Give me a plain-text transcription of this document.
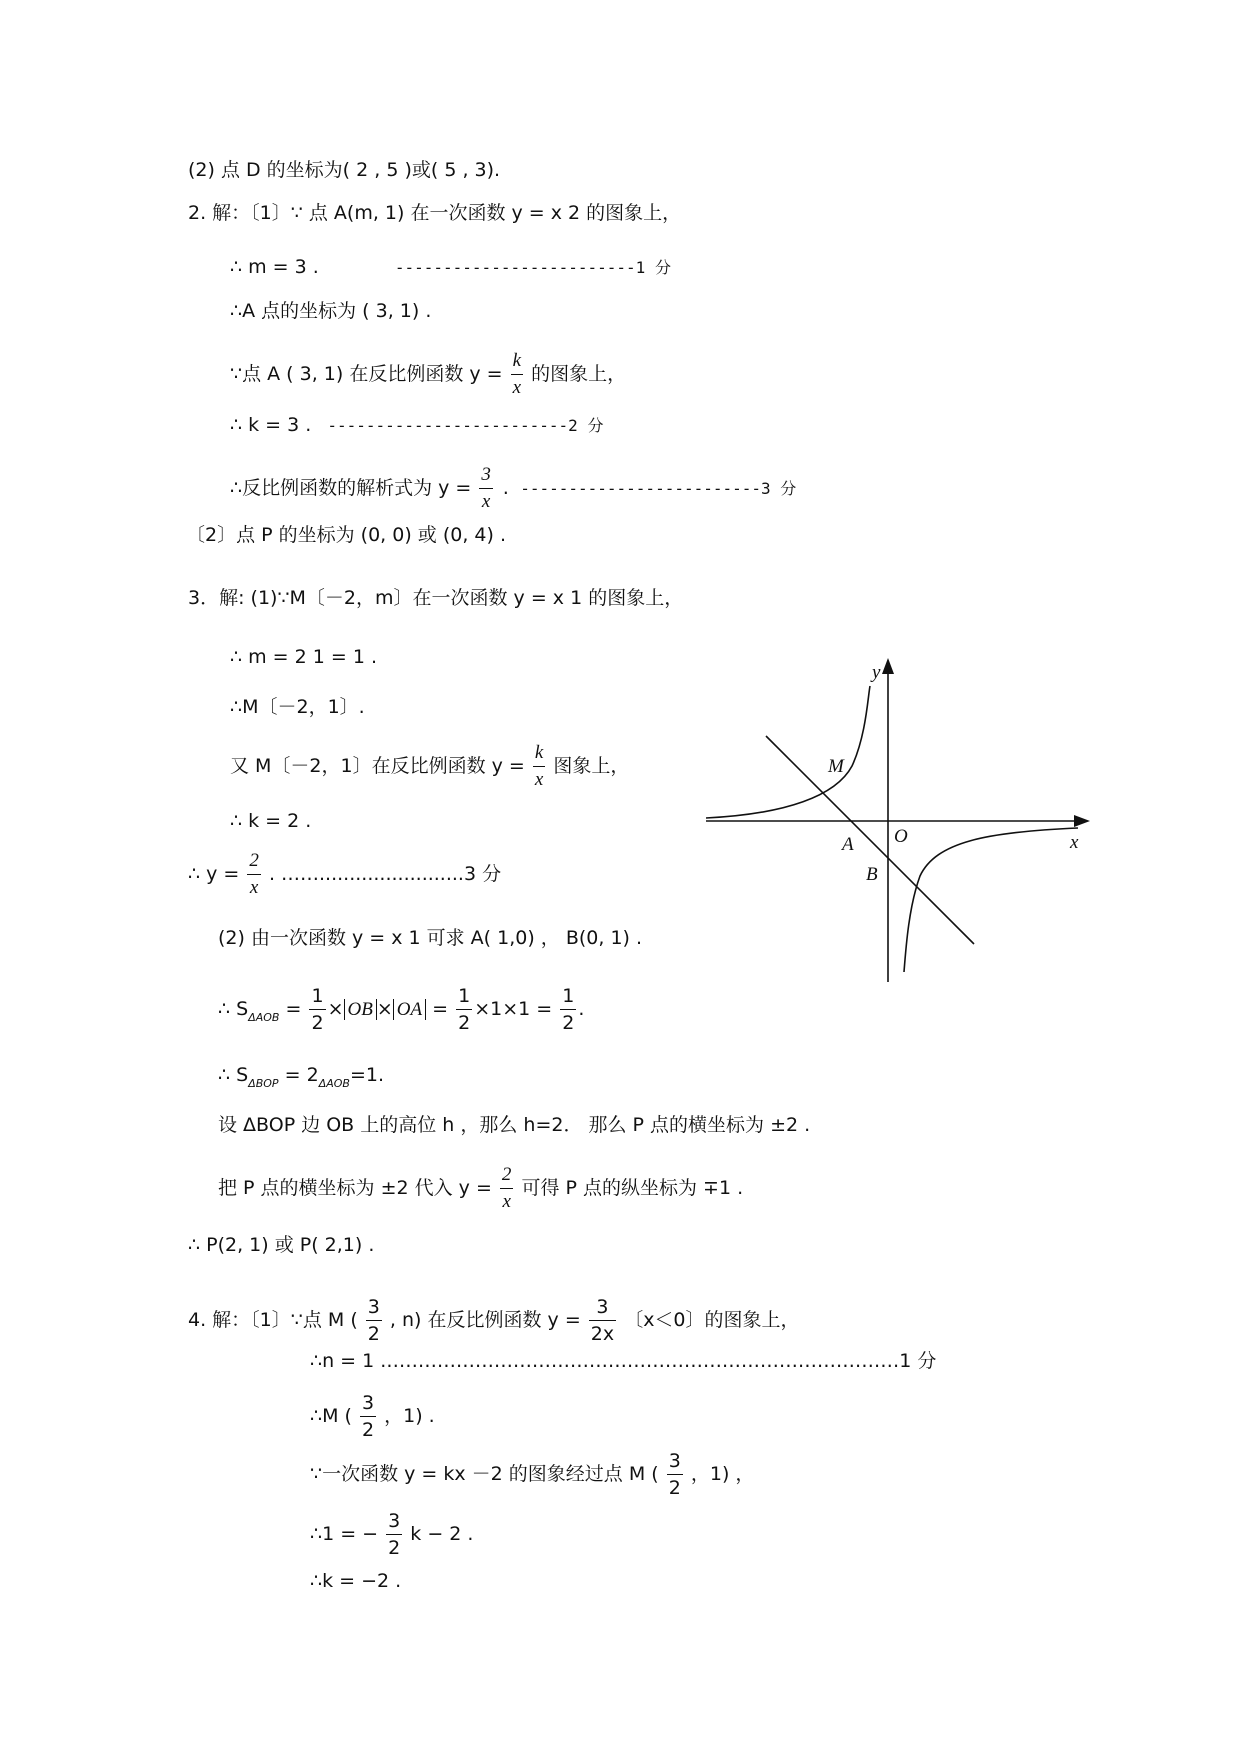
(2) 点 D 的坐标为( 2 , 5 )或( 5 , 3).
2. 解：〔1〕∵ 点 A(m, 1) 在一次函数 y = x 2 的图象上，
∴ m = 3 .	-------------------------1 分
∴A 点的坐标为 ( 3, 1) .
∵点 A ( 3, 1) 在反比例函数 $y = \frac{k}{x}$ 的图象上，
∴ k = 3 . -------------------------2 分
∴反比例函数的解析式为 $y = \frac{3}{x}$ . -------------------------3 分
〔2〕点 P 的坐标为 (0, 0) 或 (0, 4) .
3．解: (1)∵M〔－2，m〕在一次函数 y = x 1 的图象上，
∴ m = 2 1 = 1 .
∴M〔－2，1〕.
又 M〔－2，1〕在反比例函数 $y = \frac{k}{x}$ 图象上，
∴ k = 2 .
∴ $y = \frac{2}{x}$ . ……........................3 分
(2) 由一次函数 y = x 1 可求 A( 1,0) ， B(0, 1) .
∴ $S_{\Delta AOB} = \frac{1}{2}$ × OB × OA = $\frac{1}{2} \times 1\times 1 = \frac{1}{2}$ .
∴ $S_{\Delta BOP} = 2_{\Delta AOB}=1$.
设 ΔBOP 边 OB 上的高位 h ，那么 h=2． 那么 P 点的横坐标为 ±2 .
把 P 点的横坐标为 ±2 代入 $y = \frac{2}{x}$ 可得 P 点的纵坐标为 ∓1 .
∴ P(2, 1) 或 P( 2,1) .
4. 解：〔1〕∵点 M ( $\frac{3}{2}$ , n) 在反比例函数 $y = \frac{3}{2x}$ 〔x＜0〕的图象上，
∴n = 1 .………………………………………………………………………1 分
∴M ( $\frac{3}{2}$ ，1) .
∵一次函数 y = kx －2 的图象经过点 M ( $\frac{3}{2}$ ，1) ，
∴1 = − $\frac{3}{2}$ k − 2 .
∴k = −2 .
y
x
M
O
A
B
